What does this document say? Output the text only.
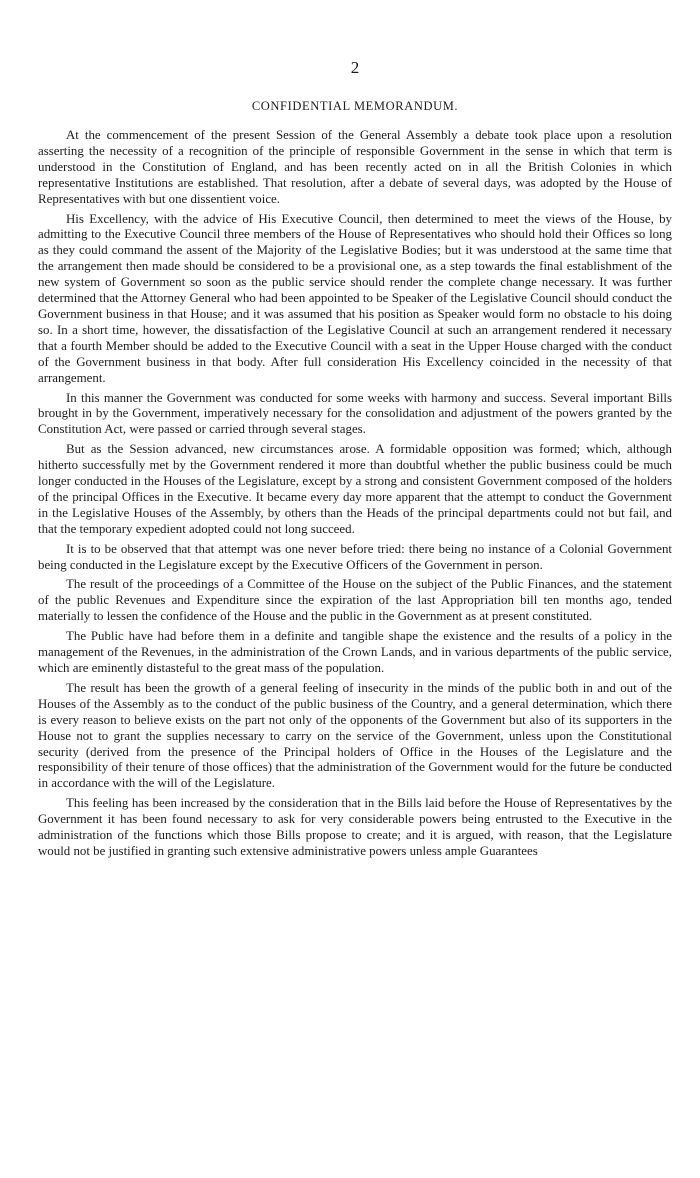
2
CONFIDENTIAL MEMORANDUM.

At the commencement of the present Session of the General Assembly a debate took place upon a resolution asserting the necessity of a recognition of the principle of responsible Government in the sense in which that term is understood in the Constitution of England, and has been recently acted on in all the British Colonies in which representative Institutions are established. That resolution, after a debate of several days, was adopted by the House of Representatives with but one dissentient voice.

His Excellency, with the advice of His Executive Council, then determined to meet the views of the House, by admitting to the Executive Council three members of the House of Representatives who should hold their Offices so long as they could command the assent of the Majority of the Legislative Bodies; but it was understood at the same time that the arrangement then made should be considered to be a provisional one, as a step towards the final establishment of the new system of Government so soon as the public service should render the complete change necessary. It was further determined that the Attorney General who had been appointed to be Speaker of the Legislative Council should conduct the Government business in that House; and it was assumed that his position as Speaker would form no obstacle to his doing so. In a short time, however, the dissatisfaction of the Legislative Council at such an arrangement rendered it necessary that a fourth Member should be added to the Executive Council with a seat in the Upper House charged with the conduct of the Government business in that body. After full consideration His Excellency coincided in the necessity of that arrangement.

In this manner the Government was conducted for some weeks with harmony and success. Several important Bills brought in by the Government, imperatively necessary for the consolidation and adjustment of the powers granted by the Constitution Act, were passed or carried through several stages.

But as the Session advanced, new circumstances arose. A formidable opposition was formed; which, although hitherto successfully met by the Government rendered it more than doubtful whether the public business could be much longer conducted in the Houses of the Legislature, except by a strong and consistent Government composed of the holders of the principal Offices in the Executive. It became every day more apparent that the attempt to conduct the Government in the Legislative Houses of the Assembly, by others than the Heads of the principal departments could not but fail, and that the temporary expedient adopted could not long succeed.

It is to be observed that that attempt was one never before tried: there being no instance of a Colonial Government being conducted in the Legislature except by the Executive Officers of the Government in person.

The result of the proceedings of a Committee of the House on the subject of the Public Finances, and the statement of the public Revenues and Expenditure since the expiration of the last Appropriation bill ten months ago, tended materially to lessen the confidence of the House and the public in the Government as at present constituted.

The Public have had before them in a definite and tangible shape the existence and the results of a policy in the management of the Revenues, in the administration of the Crown Lands, and in various departments of the public service, which are eminently distasteful to the great mass of the population.

The result has been the growth of a general feeling of insecurity in the minds of the public both in and out of the Houses of the Assembly as to the conduct of the public business of the Country, and a general determination, which there is every reason to believe exists on the part not only of the opponents of the Government but also of its supporters in the House not to grant the supplies necessary to carry on the service of the Government, unless upon the Constitutional security (derived from the presence of the Principal holders of Office in the Houses of the Legislature and the responsibility of their tenure of those offices) that the administration of the Government would for the future be conducted in accordance with the will of the Legislature.

This feeling has been increased by the consideration that in the Bills laid before the House of Representatives by the Government it has been found necessary to ask for very considerable powers being entrusted to the Executive in the administration of the functions which those Bills propose to create; and it is argued, with reason, that the Legislature would not be justified in granting such extensive administrative powers unless ample Guarantees
